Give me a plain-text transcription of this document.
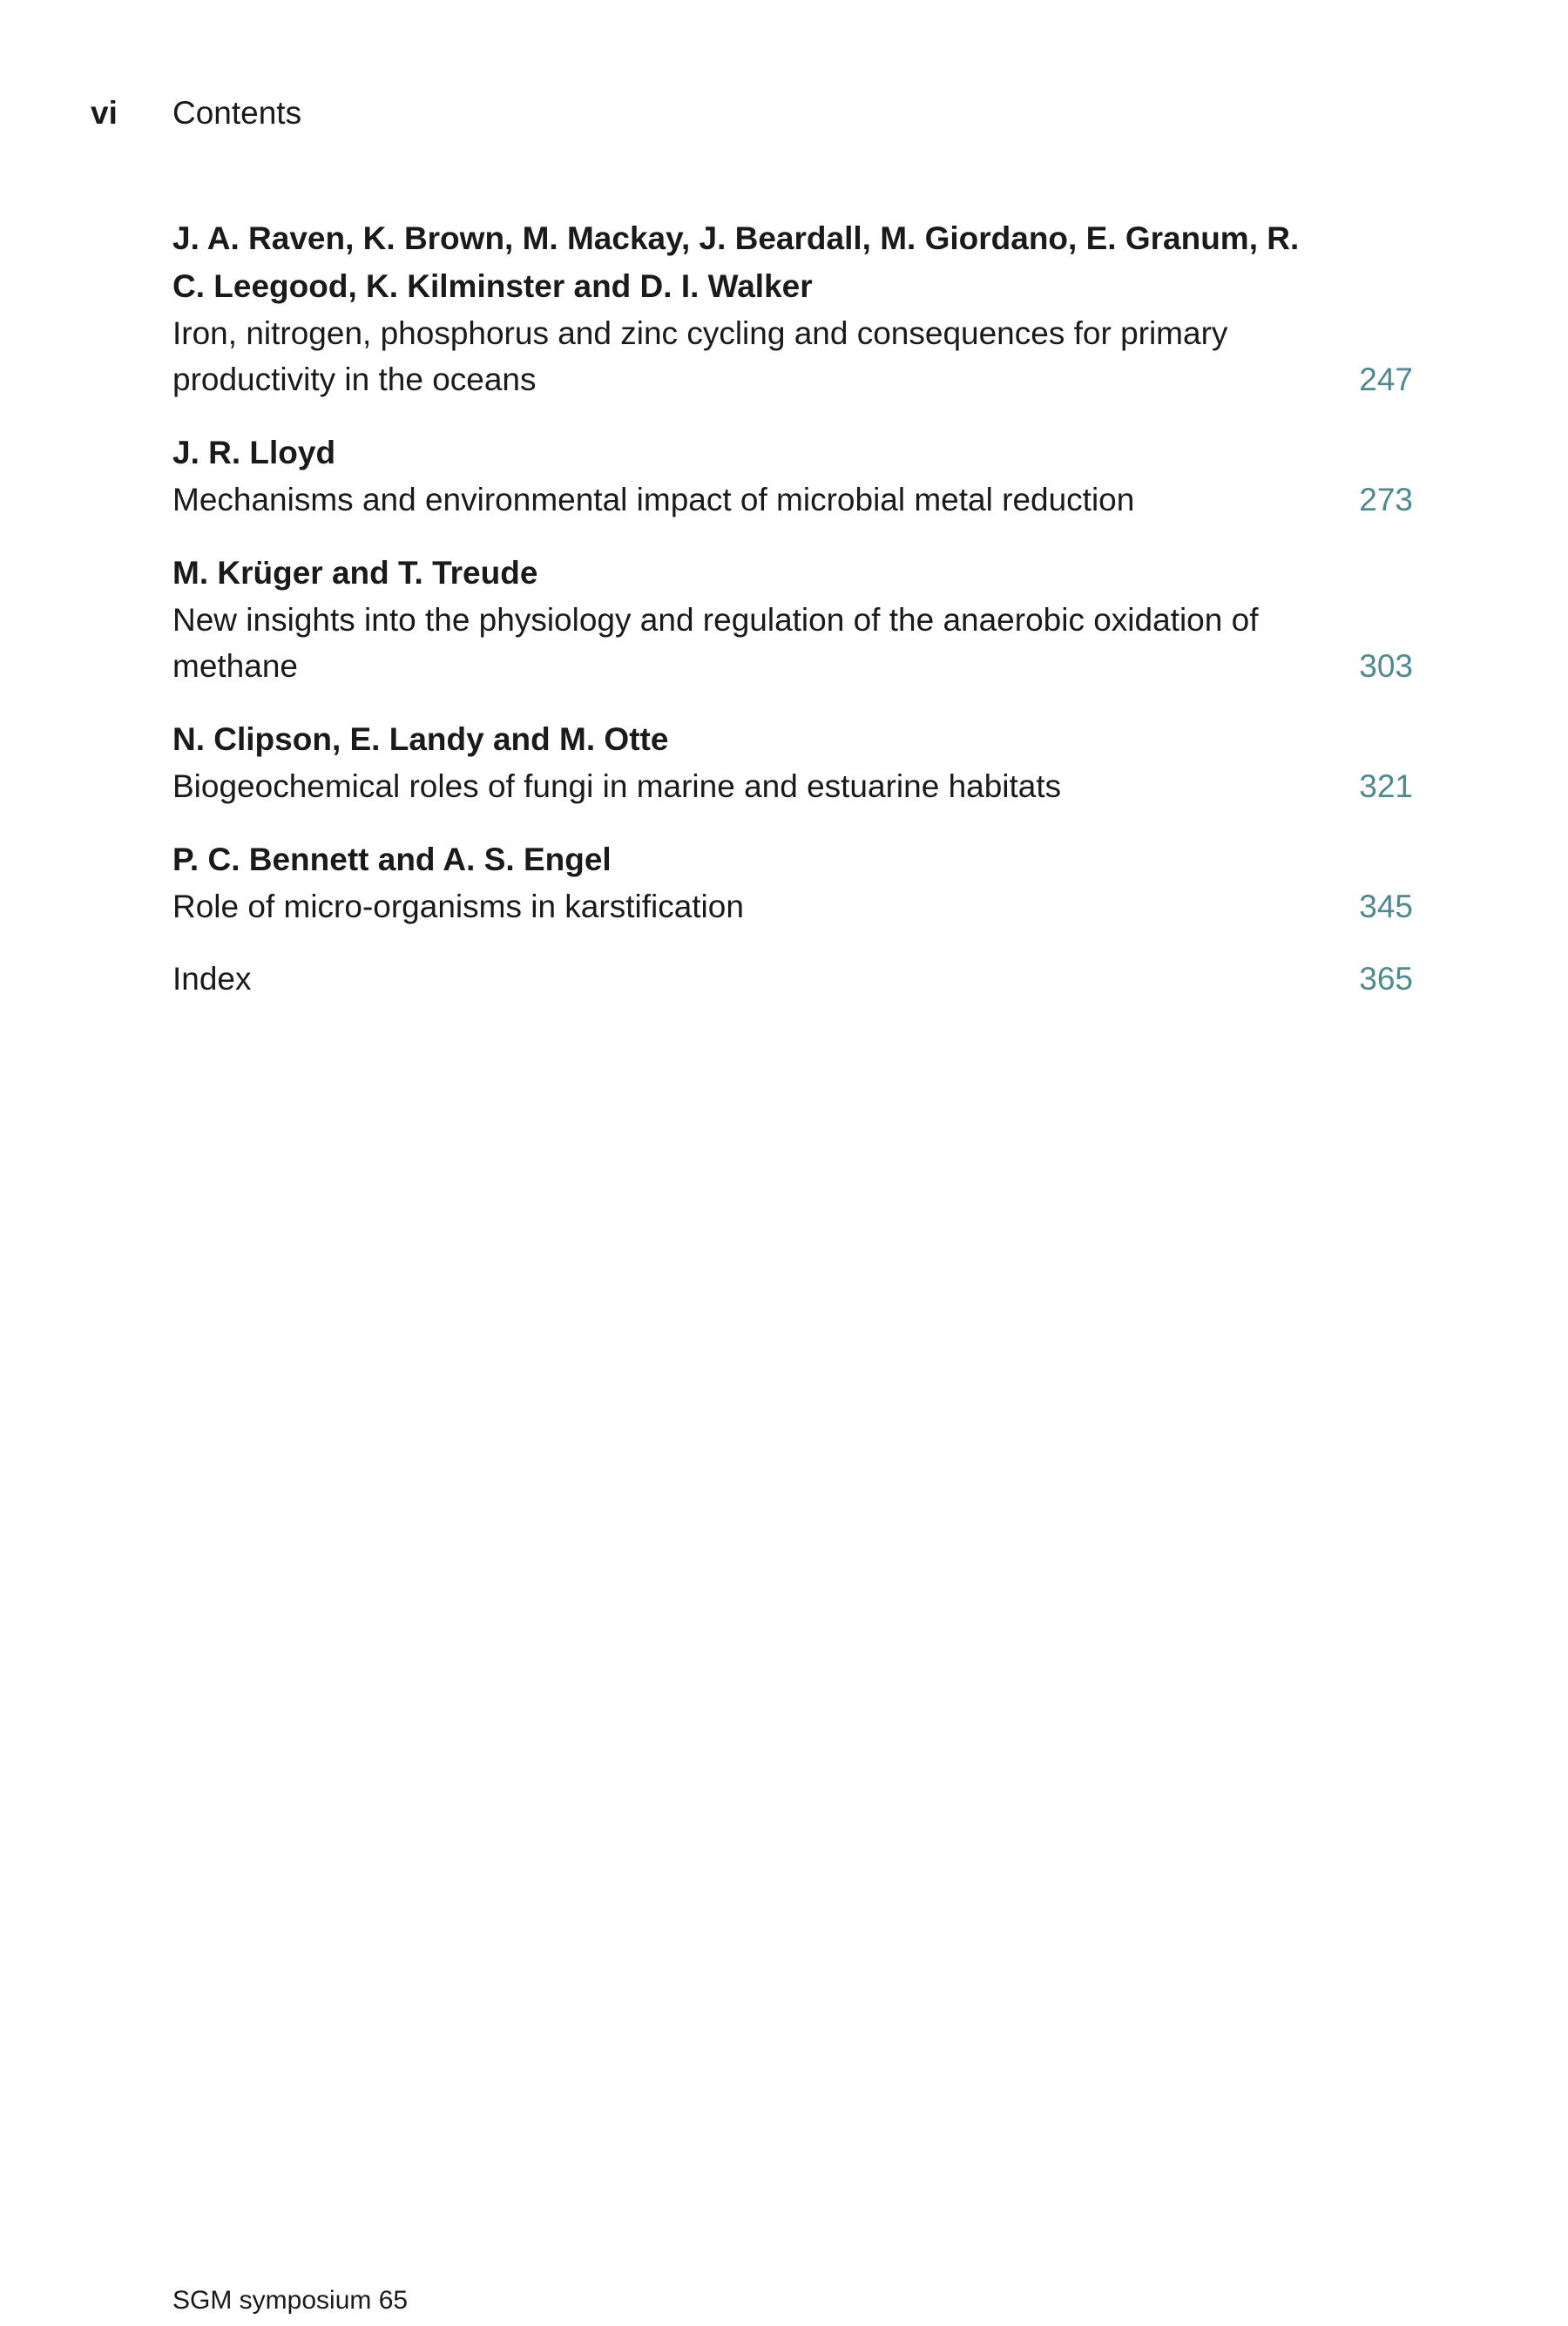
vi Contents
J. A. Raven, K. Brown, M. Mackay, J. Beardall, M. Giordano, E. Granum, R. C. Leegood, K. Kilminster and D. I. Walker
Iron, nitrogen, phosphorus and zinc cycling and consequences for primary productivity in the oceans	247
J. R. Lloyd
Mechanisms and environmental impact of microbial metal reduction	273
M. Krüger and T. Treude
New insights into the physiology and regulation of the anaerobic oxidation of methane	303
N. Clipson, E. Landy and M. Otte
Biogeochemical roles of fungi in marine and estuarine habitats	321
P. C. Bennett and A. S. Engel
Role of micro-organisms in karstification	345
Index	365
SGM symposium 65
